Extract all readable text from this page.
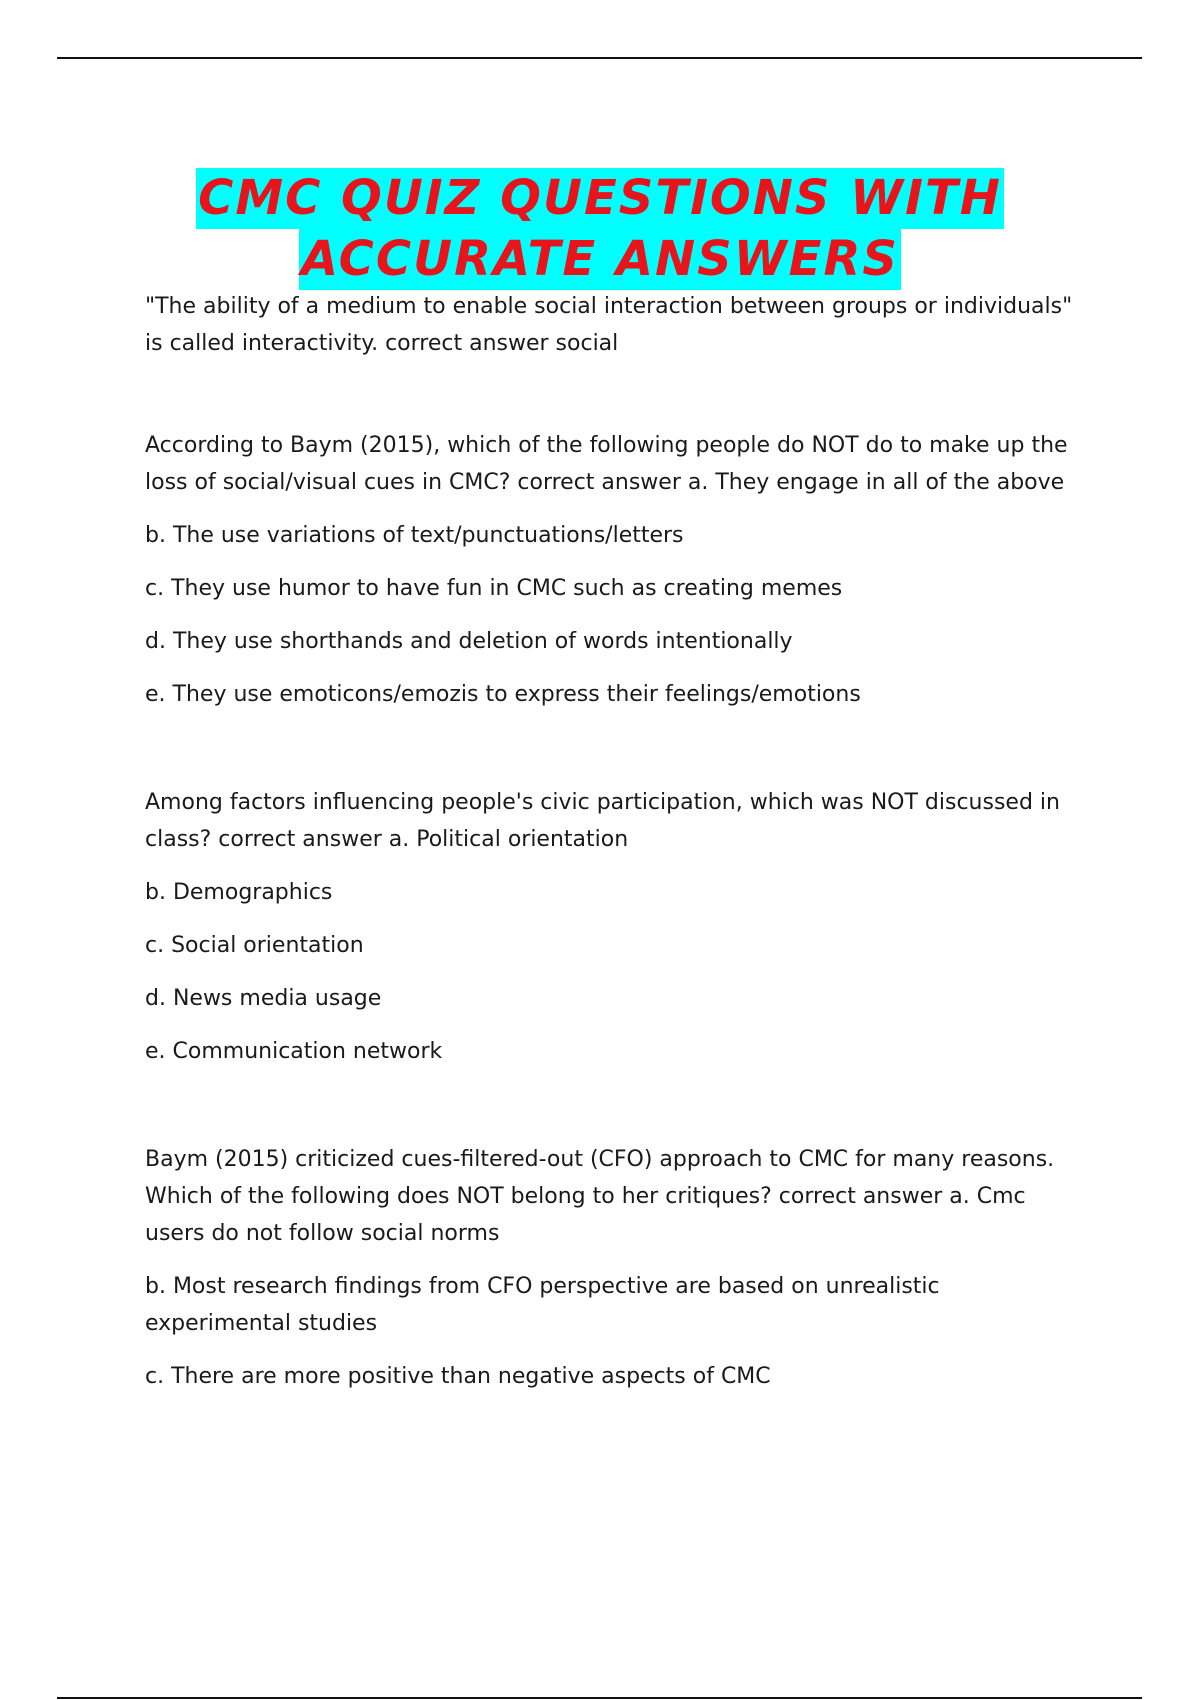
CMC QUIZ QUESTIONS WITH
ACCURATE ANSWERS

"The ability of a medium to enable social interaction between groups or individuals" is called interactivity. correct answer social

According to Baym (2015), which of the following people do NOT do to make up the loss of social/visual cues in CMC? correct answer a. They engage in all of the above

b. The use variations of text/punctuations/letters

c. They use humor to have fun in CMC such as creating memes

d. They use shorthands and deletion of words intentionally

e. They use emoticons/emozis to express their feelings/emotions

Among factors influencing people's civic participation, which was NOT discussed in class? correct answer a. Political orientation

b. Demographics

c. Social orientation

d. News media usage

e. Communication network

Baym (2015) criticized cues-filtered-out (CFO) approach to CMC for many reasons. Which of the following does NOT belong to her critiques? correct answer a. Cmc users do not follow social norms

b. Most research findings from CFO perspective are based on unrealistic experimental studies

c. There are more positive than negative aspects of CMC
